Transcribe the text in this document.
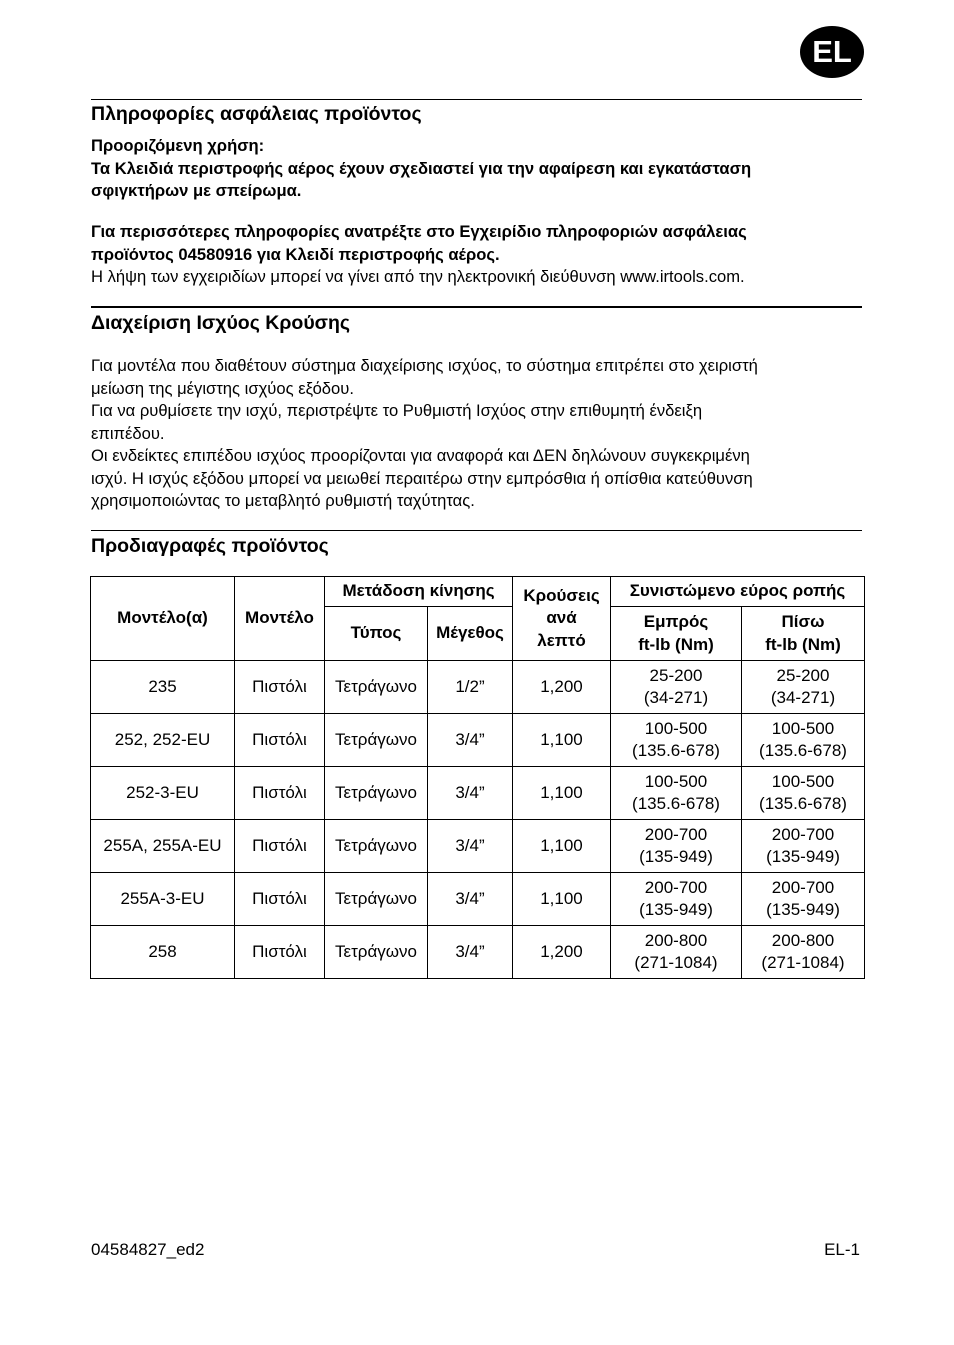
EL
Πληροφορίες ασφάλειας προϊόντος
Προοριζόμενη χρήση:
Τα Κλειδιά περιστροφής αέρος έχουν σχεδιαστεί για την αφαίρεση και εγκατάσταση
σφιγκτήρων με σπείρωμα.
Για περισσότερες πληροφορίες ανατρέξτε στο Εγχειρίδιο πληροφοριών ασφάλειας
προϊόντος 04580916 για Κλειδί περιστροφής αέρος.
Η λήψη των εγχειριδίων μπορεί να γίνει από την ηλεκτρονική διεύθυνση www.irtools.com.
Διαχείριση Ισχύος Κρούσης
Για μοντέλα που διαθέτουν σύστημα διαχείρισης ισχύος, το σύστημα επιτρέπει στο χειριστή
μείωση της μέγιστης ισχύος εξόδου.
Για να ρυθμίσετε την ισχύ, περιστρέψτε το Ρυθμιστή Ισχύος στην επιθυμητή ένδειξη
επιπέδου.
Οι ενδείκτες επιπέδου ισχύος προορίζονται για αναφορά και ΔΕΝ δηλώνουν συγκεκριμένη
ισχύ. Η ισχύς εξόδου μπορεί να μειωθεί περαιτέρω στην εμπρόσθια ή οπίσθια κατεύθυνση
χρησιμοποιώντας το μεταβλητό ρυθμιστή ταχύτητας.
Προδιαγραφές προϊόντος
Μοντέλο(α)	Μοντέλο	Μετάδοση κίνησης		Κρούσεις
ανά
λεπτό	Συνιστώμενο εύρος ροπής	
		Τύπος	Μέγεθος		Εμπρός
ft-lb (Nm)	Πίσω
ft-lb (Nm)

235	Πιστόλι	Τετράγωνο	1/2”	1,200	25-200
(34-271)	25-200
(34-271)

252, 252-EU	Πιστόλι	Τετράγωνο	3/4”	1,100	100-500
(135.6-678)	100-500
(135.6-678)

252-3-EU	Πιστόλι	Τετράγωνο	3/4”	1,100	100-500
(135.6-678)	100-500
(135.6-678)

255A, 255A-EU	Πιστόλι	Τετράγωνο	3/4”	1,100	200-700
(135-949)	200-700
(135-949)

255A-3-EU	Πιστόλι	Τετράγωνο	3/4”	1,100	200-700
(135-949)	200-700
(135-949)

258	Πιστόλι	Τετράγωνο	3/4”	1,200	200-800
(271-1084)	200-800
(271-1084)
04584827_ed2	EL-1
